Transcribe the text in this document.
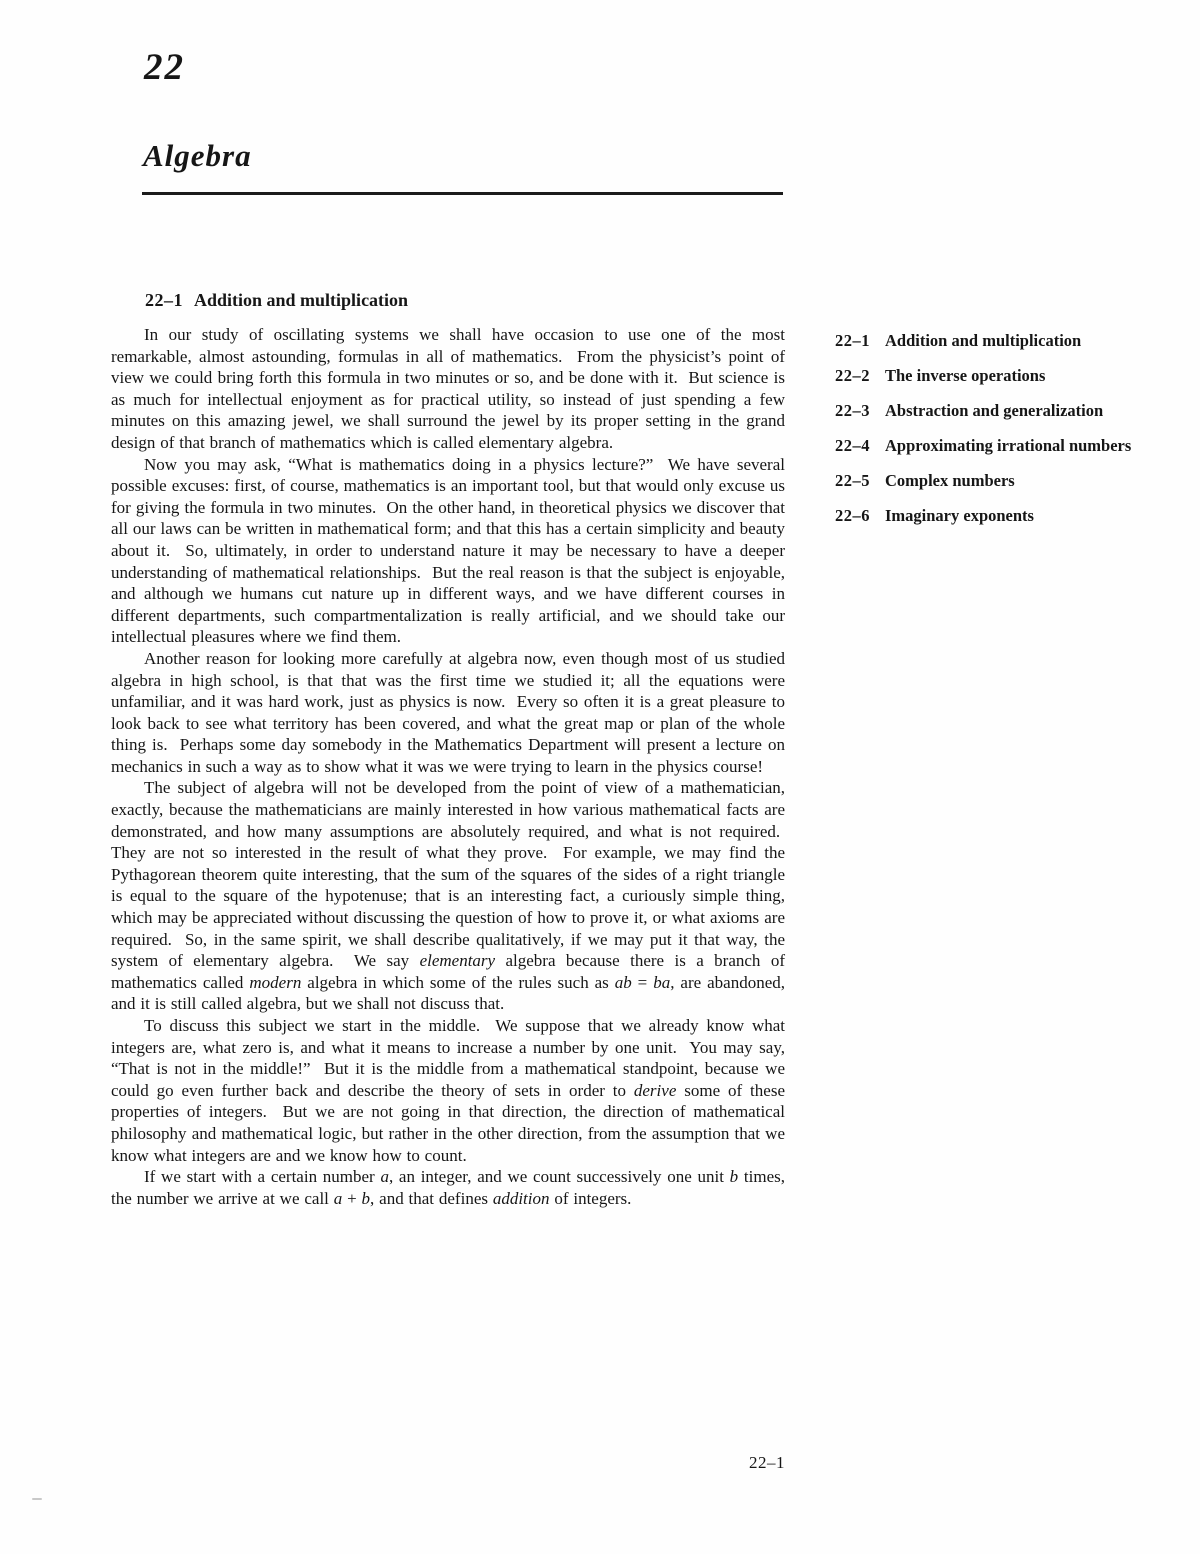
22
Algebra
22–1 Addition and multiplication

In our study of oscillating systems we shall have occasion to use one of the most remarkable, almost astounding, formulas in all of mathematics.  From the physicist’s point of view we could bring forth this formula in two minutes or so, and be done with it.  But science is as much for intellectual enjoyment as for practical utility, so instead of just spending a few minutes on this amazing jewel, we shall surround the jewel by its proper setting in the grand design of that branch of mathematics which is called elementary algebra.

Now you may ask, “What is mathematics doing in a physics lecture?”  We have several possible excuses: first, of course, mathematics is an important tool, but that would only excuse us for giving the formula in two minutes.  On the other hand, in theoretical physics we discover that all our laws can be written in mathematical form; and that this has a certain simplicity and beauty about it.  So, ultimately, in order to understand nature it may be necessary to have a deeper understanding of mathematical relationships.  But the real reason is that the subject is enjoyable, and although we humans cut nature up in different ways, and we have different courses in different departments, such compartmentalization is really artificial, and we should take our intellectual pleasures where we find them.

Another reason for looking more carefully at algebra now, even though most of us studied algebra in high school, is that that was the first time we studied it; all the equations were unfamiliar, and it was hard work, just as physics is now.  Every so often it is a great pleasure to look back to see what territory has been covered, and what the great map or plan of the whole thing is.  Perhaps some day somebody in the Mathematics Department will present a lecture on mechanics in such a way as to show what it was we were trying to learn in the physics course!

The subject of algebra will not be developed from the point of view of a mathematician, exactly, because the mathematicians are mainly interested in how various mathematical facts are demonstrated, and how many assumptions are absolutely required, and what is not required.  They are not so interested in the result of what they prove.  For example, we may find the Pythagorean theorem quite interesting, that the sum of the squares of the sides of a right triangle is equal to the square of the hypotenuse; that is an interesting fact, a curiously simple thing, which may be appreciated without discussing the question of how to prove it, or what axioms are required.  So, in the same spirit, we shall describe qualitatively, if we may put it that way, the system of elementary algebra.  We say elementary algebra because there is a branch of mathematics called modern algebra in which some of the rules such as ab = ba, are abandoned, and it is still called algebra, but we shall not discuss that.

To discuss this subject we start in the middle.  We suppose that we already know what integers are, what zero is, and what it means to increase a number by one unit.  You may say, “That is not in the middle!”  But it is the middle from a mathematical standpoint, because we could go even further back and describe the theory of sets in order to derive some of these properties of integers.  But we are not going in that direction, the direction of mathematical philosophy and mathematical logic, but rather in the other direction, from the assumption that we know what integers are and we know how to count.

If we start with a certain number a, an integer, and we count successively one unit b times, the number we arrive at we call a + b, and that defines addition of integers.

22–1 Addition and multiplication
22–2 The inverse operations
22–3 Abstraction and generalization
22–4 Approximating irrational numbers
22–5 Complex numbers
22–6 Imaginary exponents
22–1
